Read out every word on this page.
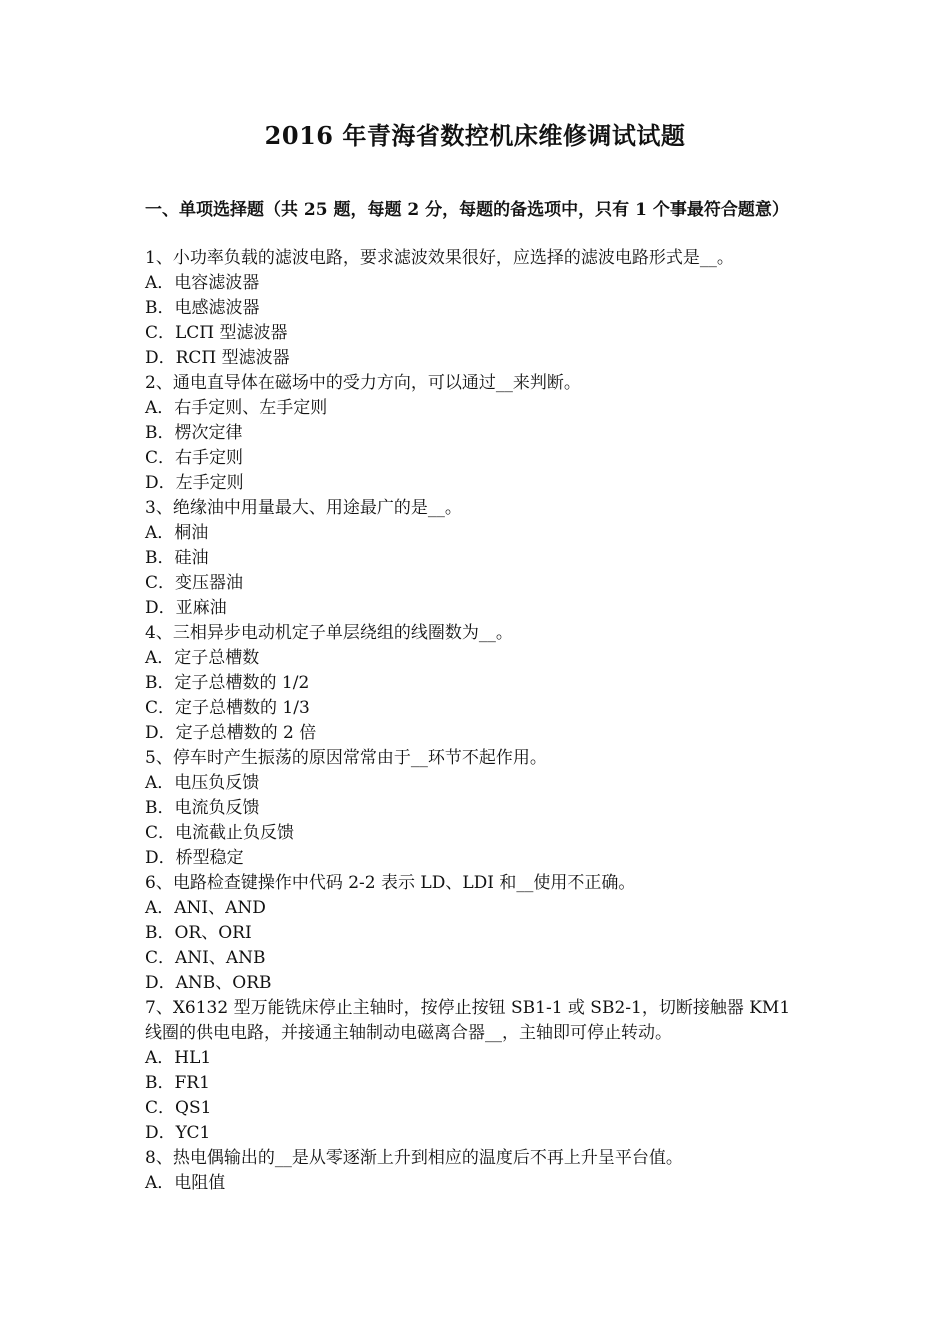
2016 年青海省数控机床维修调试试题
一、单项选择题（共 25 题，每题 2 分，每题的备选项中，只有 1 个事最符合题意）
1、小功率负载的滤波电路，要求滤波效果很好，应选择的滤波电路形式是__。
A．电容滤波器
B．电感滤波器
C．LCΠ 型滤波器
D．RCΠ 型滤波器
2、通电直导体在磁场中的受力方向，可以通过__来判断。
A．右手定则、左手定则
B．楞次定律
C．右手定则
D．左手定则
3、绝缘油中用量最大、用途最广的是__。
A．桐油
B．硅油
C．变压器油
D．亚麻油
4、三相异步电动机定子单层绕组的线圈数为__。
A．定子总槽数
B．定子总槽数的 1/2
C．定子总槽数的 1/3
D．定子总槽数的 2 倍
5、停车时产生振荡的原因常常由于__环节不起作用。
A．电压负反馈
B．电流负反馈
C．电流截止负反馈
D．桥型稳定
6、电路检查键操作中代码 2-2 表示 LD、LDI 和__使用不正确。
A．ANI、AND
B．OR、ORI
C．ANI、ANB
D．ANB、ORB
7、X6132 型万能铣床停止主轴时，按停止按钮 SB1-1 或 SB2-1，切断接触器 KM1
线圈的供电电路，并接通主轴制动电磁离合器__，主轴即可停止转动。
A．HL1
B．FR1
C．QS1
D．YC1
8、热电偶输出的__是从零逐渐上升到相应的温度后不再上升呈平台值。
A．电阻值
